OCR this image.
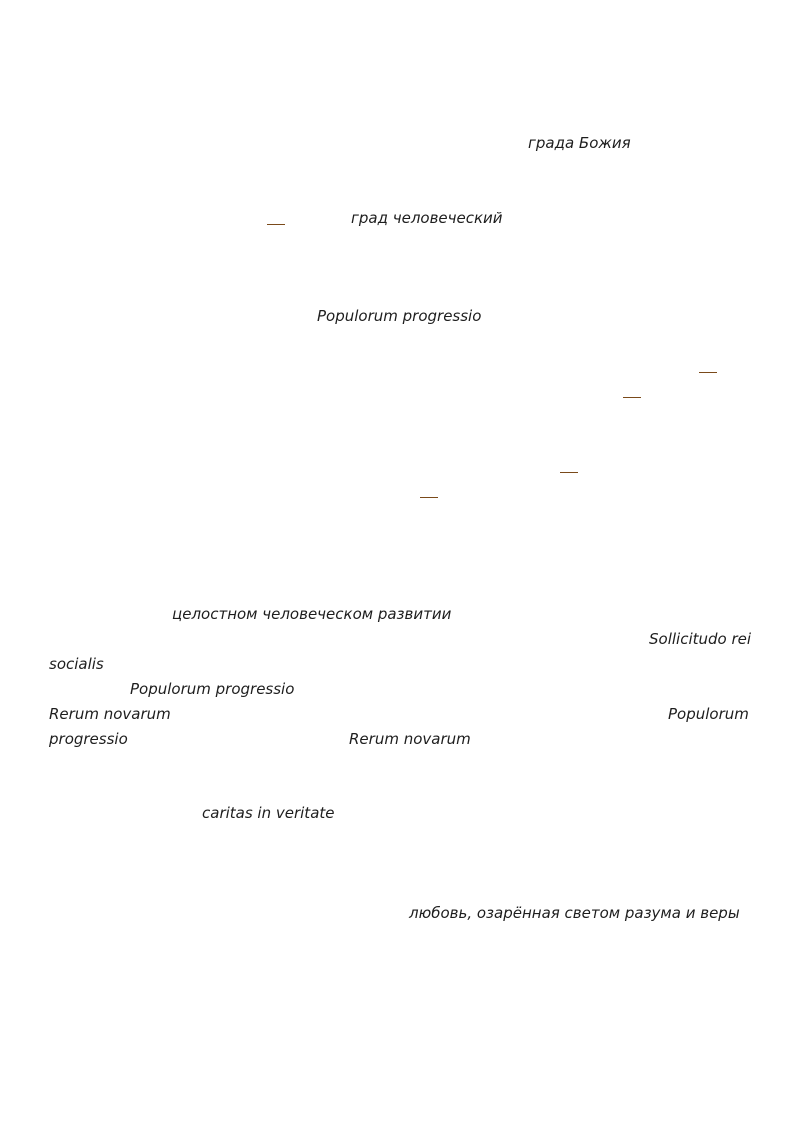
града Божия
град человеческий
Populorum progressio
целостном человеческом развитии
Sollicitudo rei
socialis
Populorum progressio
Rerum novarum	Populorum
progressio	Rerum novarum
caritas in veritate
любовь, озарённая светом разума и веры
